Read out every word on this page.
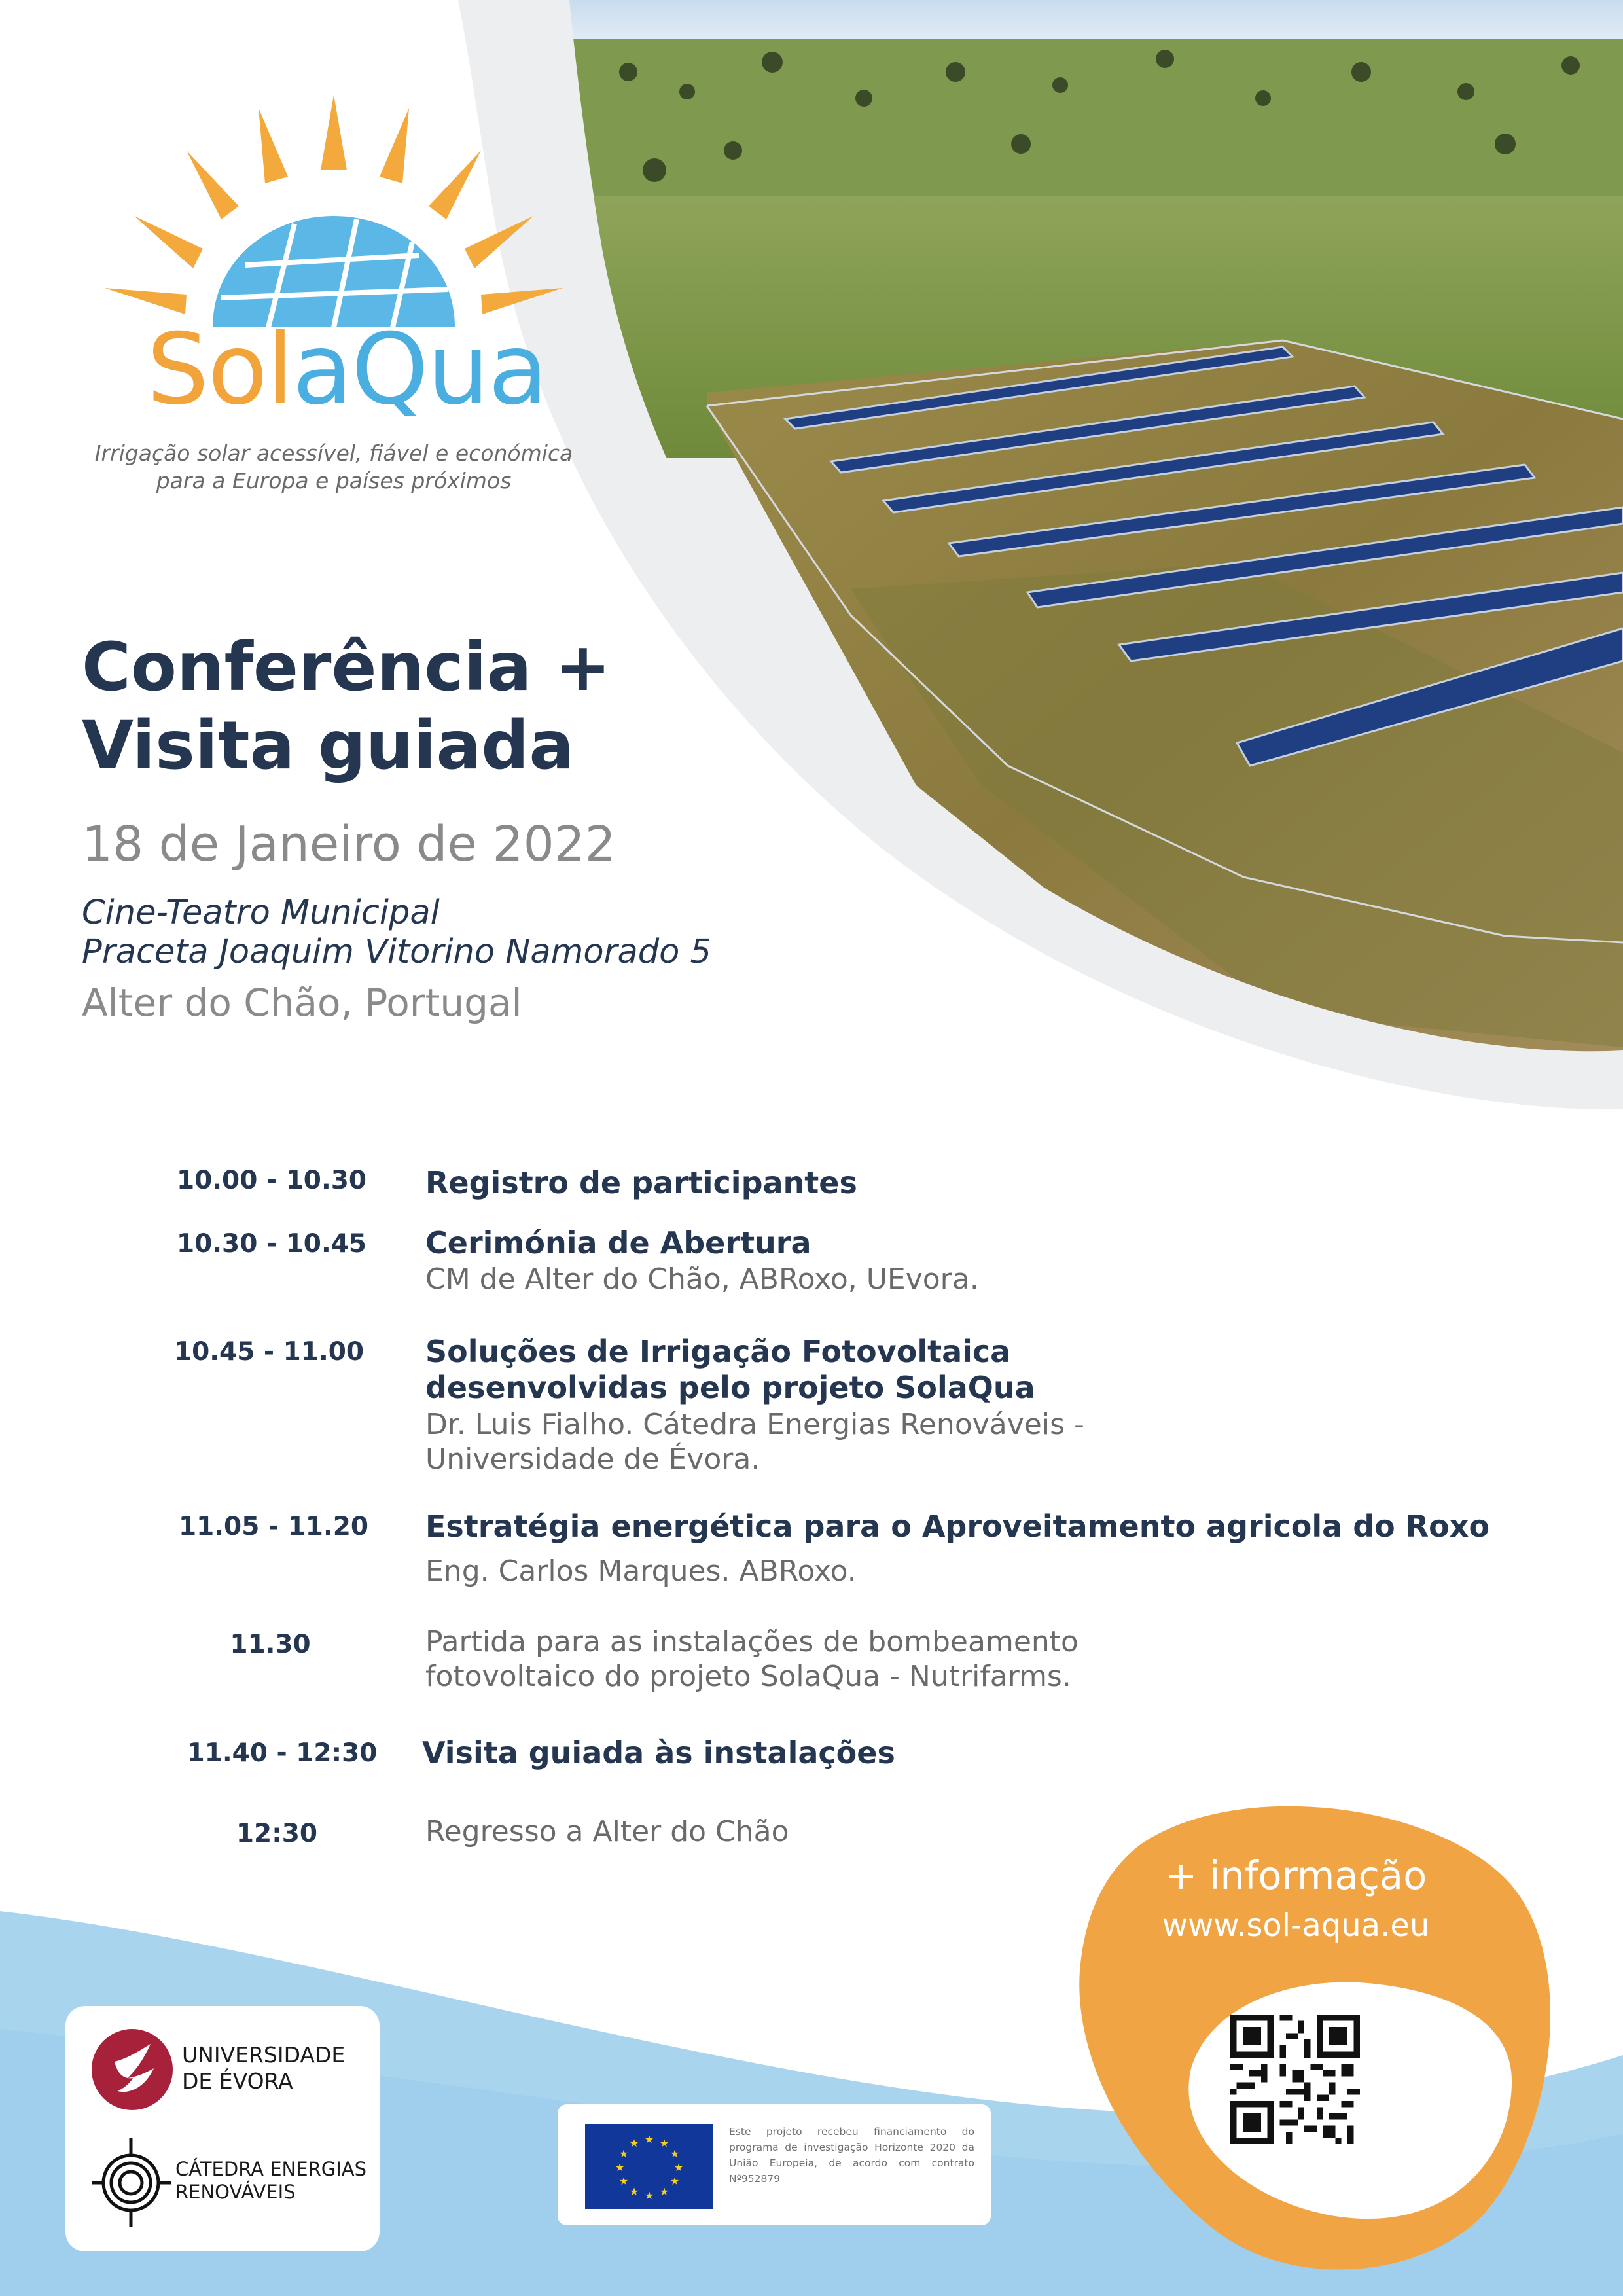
SolaQua
Irrigação solar acessível, fiável e económica
para a Europa e países próximos
Conferência +
Visita guiada
18 de Janeiro de 2022
Cine-Teatro Municipal
Praceta Joaquim Vitorino Namorado 5
Alter do Chão, Portugal
10.00 - 10.30	Registro de participantes
10.30 - 10.45	Cerimónia de Abertura
CM de Alter do Chão, ABRoxo, UEvora.
10.45 - 11.00	Soluções de Irrigação Fotovoltaica
desenvolvidas pelo projeto SolaQua
Dr. Luis Fialho. Cátedra Energias Renováveis -
Universidade de Évora.
11.05 - 11.20	Estratégia energética para o Aproveitamento agricola do Roxo
Eng. Carlos Marques. ABRoxo.
11.30	Partida para as instalações de bombeamento
fotovoltaico do projeto SolaQua - Nutrifarms.
11.40 - 12:30	Visita guiada às instalações
12:30	Regresso a Alter do Chão
UNIVERSIDADE
DE ÉVORA
CÁTEDRA ENERGIAS
RENOVÁVEIS
★ ★
★
★
★
★
★
★
★
★
★
★
Este projeto recebeu financiamento do programa de investigação Horizonte 2020 da União Europeia, de acordo com contrato Nº952879
+ informação
www.sol-aqua.eu
